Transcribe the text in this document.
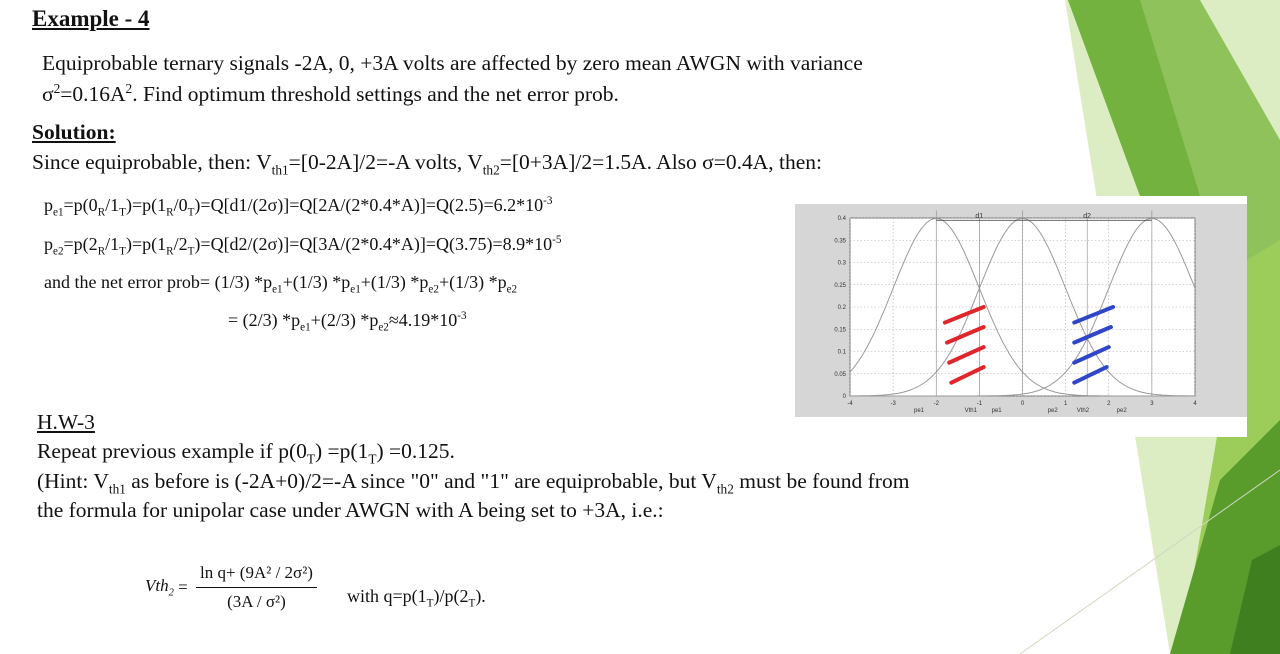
Example - 4
Equiprobable ternary signals -2A, 0, +3A volts are affected by zero mean AWGN with variance
$\sigma^2=0.16A^2$. Find optimum threshold settings and the net error prob.
Solution:
Since equiprobable, then: $V_{th1}=[0-2A]/2=-A$ volts, $V_{th2}=[0+3A]/2=1.5A$. Also σ=0.4A, then:
$p_{e1}=p(0_R/1_T)=p(1_R/0_T)=Q[d1/(2\sigma)]=Q[2A/(2*0.4*A)]=Q(2.5)=6.2*10^{-3}$
$p_{e2}=p(2_R/1_T)=p(1_R/2_T)=Q[d2/(2\sigma)]=Q[3A/(2*0.4*A)]=Q(3.75)=8.9*10^{-5}$
and the net error prob= (1/3) $*p_{e1}+(1/3)$ $*p_{e1}+(1/3)$ $*p_{e2}+(1/3)$ $*p_{e2}$
= (2/3) $*p_{e1}+(2/3)$ $*p_{e2}\approx 4.19*10^{-3}$
-4	-3	-2	-1	0	1	2	3	4
0
0.05
0.1
0.15
0.2
0.25
0.3
0.35
0.4	d1	d2
pe1	Vth1 pe1	pe2	Vth2	pe2
H.W-3
Repeat previous example if $p(0_T) =p(1_T) =0.125$.
(Hint: $V_{th1}$ as before is (-2A+0)/2=-A since "0" and "1" are equiprobable, but $V_{th2}$ must be found from
the formula for unipolar case under AWGN with A being set to +3A, i.e.:
$Vth_2 = \frac{\text{ln q+ (9A² / 2σ²)}}{\text{(3A / σ²)}}$ with $q=p(1_T)/p(2_T)$.
